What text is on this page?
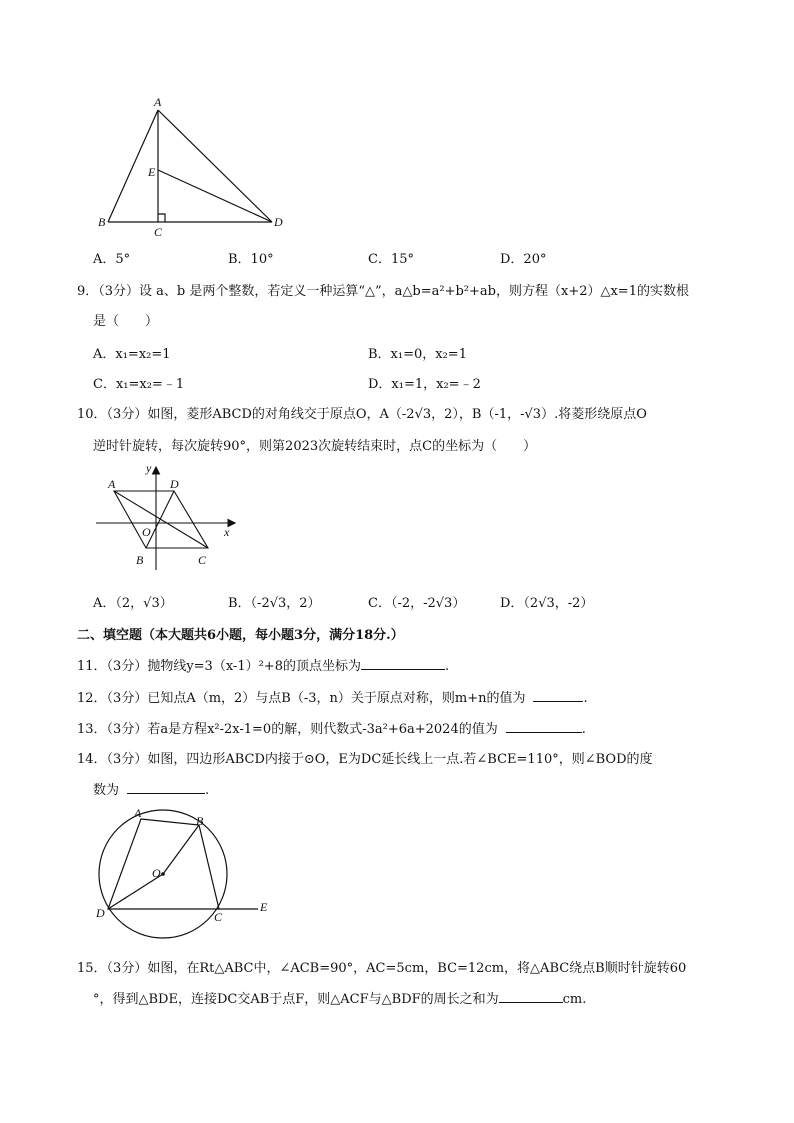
A
E
B
C
D
A．5°	B．10°	C．15°	D．20°
9．（3分）设 a、b 是两个整数，若定义一种运算“△”，a△b=a²+b²+ab，则方程（x+2）△x=1的实数根
是（　　）
A．x₁=x₂=1	B．x₁=0，x₂=1
C．x₁=x₂=﹣1	D．x₁=1，x₂=﹣2
10．（3分）如图，菱形ABCD的对角线交于原点O，A（-2√3，2），B（-1，-√3）.将菱形绕原点O
逆时针旋转，每次旋转90°，则第2023次旋转结束时，点C的坐标为（　　）
y
x
A	D
O
B	C
A．（2，√3）	B．（-2√3，2）	C．（-2，-2√3）	D．（2√3，-2）
二、填空题（本大题共6小题，每小题3分，满分18分.）
11．（3分）抛物线y=3（x-1）²+8的顶点坐标为	.
12．（3分）已知点A（m，2）与点B（-3，n）关于原点对称，则m+n的值为	.
13．（3分）若a是方程x²-2x-1=0的解，则代数式-3a²+6a+2024的值为	.
14．（3分）如图，四边形ABCD内接于⊙O，E为DC延长线上一点.若∠BCE=110°，则∠BOD的度
数为	.
A
B
O
D	C
E
15．（3分）如图，在Rt△ABC中，∠ACB=90°，AC=5cm，BC=12cm，将△ABC绕点B顺时针旋转60
°，得到△BDE，连接DC交AB于点F，则△ACF与△BDF的周长之和为	cm.
